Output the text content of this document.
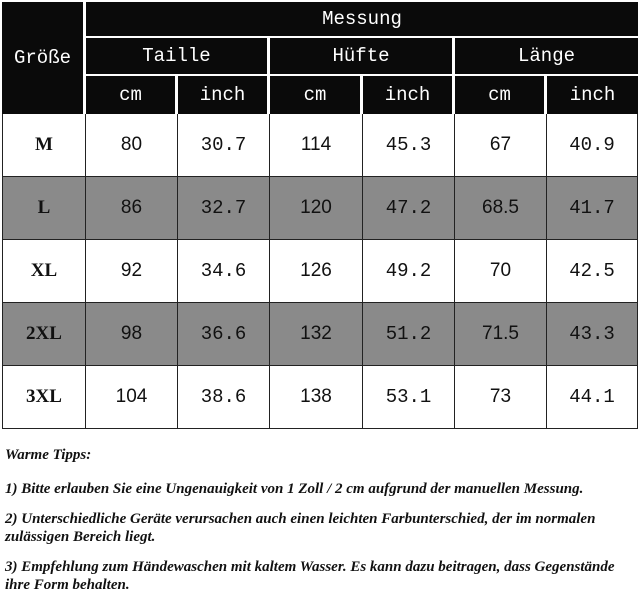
Größe
Messung
Taille	Hüfte	Länge
cm	inch	cm	inch	cm	inch
M	80	30.7	114	45.3	67	40.9
L	86	32.7	120	47.2	68.5	41.7
XL	92	34.6	126	49.2	70	42.5
2XL	98	36.6	132	51.2	71.5	43.3
3XL	104	38.6	138	53.1	73	44.1

Warme Tipps:

1) Bitte erlauben Sie eine Ungenauigkeit von 1 Zoll / 2 cm aufgrund der manuellen Messung.

2) Unterschiedliche Geräte verursachen auch einen leichten Farbunterschied, der im normalen zulässigen Bereich liegt.

3) Empfehlung zum Händewaschen mit kaltem Wasser. Es kann dazu beitragen, dass Gegenstände ihre Form behalten.
